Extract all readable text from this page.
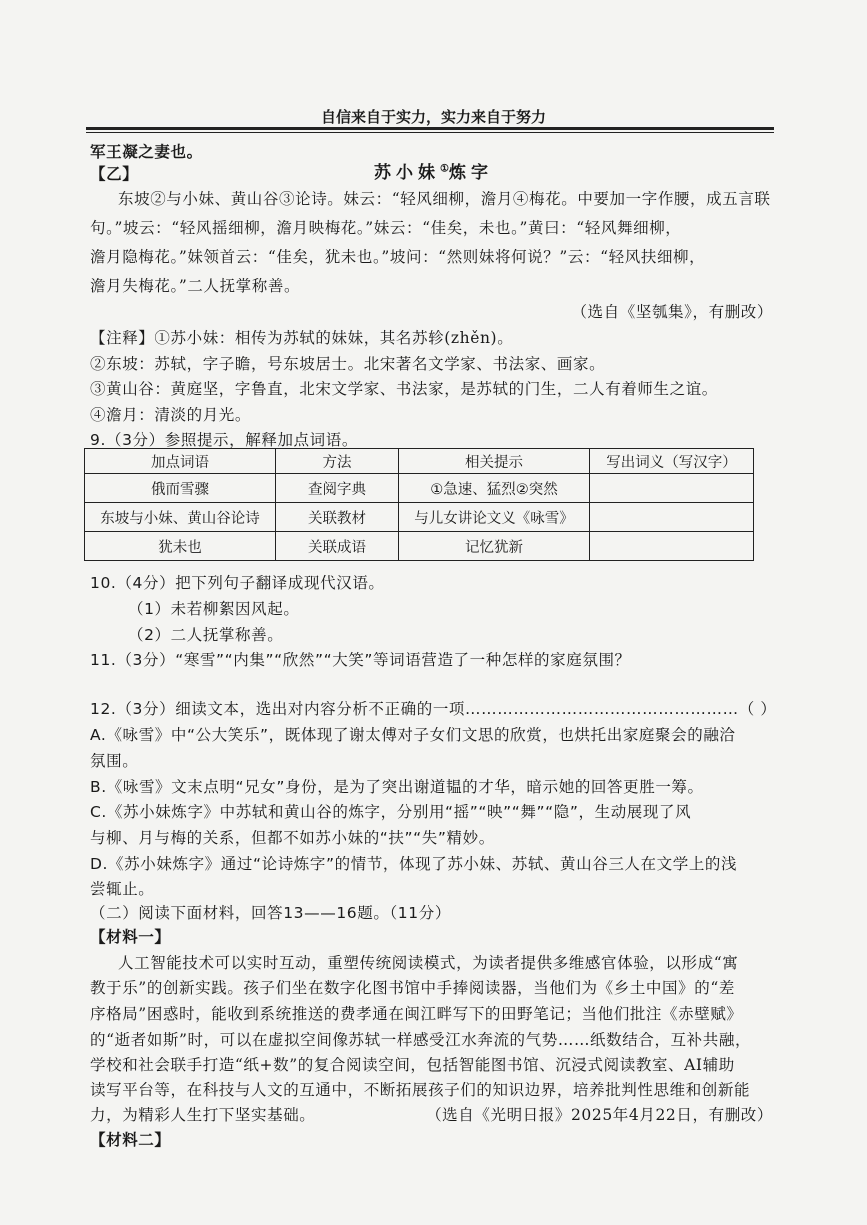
自信来自于实力，实力来自于努力
军王凝之妻也。
【乙】	苏小妹①炼字
东坡②与小妹、黄山谷③论诗。妹云：“轻风细柳，澹月④梅花。中要加一字作腰，成五言联
句。”坡云：“轻风摇细柳，澹月映梅花。”妹云：“佳矣，未也。”黄曰：“轻风舞细柳，
澹月隐梅花。”妹领首云：“佳矣，犹未也。”坡问：“然则妹将何说？”云：“轻风扶细柳，
澹月失梅花。”二人抚掌称善。
（选自《坚瓠集》，有删改）
【注释】①苏小妹：相传为苏轼的妹妹，其名苏轸(zhěn)。
②东坡：苏轼，字子瞻，号东坡居士。北宋著名文学家、书法家、画家。
③黄山谷：黄庭坚，字鲁直，北宋文学家、书法家，是苏轼的门生，二人有着师生之谊。
④澹月：清淡的月光。
9.（3分）参照提示，解释加点词语。
加点词语	方法	相关提示	写出词义（写汉字）
俄而雪骤	查阅字典	①急速、猛烈②突然	
东坡与小妹、黄山谷论诗	关联教材	与儿女讲论文义《咏雪》	
犹未也	关联成语	记忆犹新	
10.（4分）把下列句子翻译成现代汉语。
（1）未若柳絮因风起。
（2）二人抚掌称善。
11.（3分）“寒雪”“内集”“欣然”“大笑”等词语营造了一种怎样的家庭氛围？
12.（3分）细读文本，选出对内容分析不正确的一项……………………………………………（ ）
A.《咏雪》中“公大笑乐”，既体现了谢太傅对子女们文思的欣赏，也烘托出家庭聚会的融洽
氛围。
B.《咏雪》文末点明“兄女”身份，是为了突出谢道韫的才华，暗示她的回答更胜一筹。
C.《苏小妹炼字》中苏轼和黄山谷的炼字，分别用“摇”“映”“舞”“隐”，生动展现了风
与柳、月与梅的关系，但都不如苏小妹的“扶”“失”精妙。
D.《苏小妹炼字》通过“论诗炼字”的情节，体现了苏小妹、苏轼、黄山谷三人在文学上的浅
尝辄止。
（二）阅读下面材料，回答13——16题。（11分）
【材料一】
人工智能技术可以实时互动，重塑传统阅读模式，为读者提供多维感官体验，以形成“寓
教于乐”的创新实践。孩子们坐在数字化图书馆中手捧阅读器，当他们为《乡土中国》的“差
序格局”困惑时，能收到系统推送的费孝通在闽江畔写下的田野笔记；当他们批注《赤壁赋》
的“逝者如斯”时，可以在虚拟空间像苏轼一样感受江水奔流的气势……纸数结合，互补共融，
学校和社会联手打造“纸+数”的复合阅读空间，包括智能图书馆、沉浸式阅读教室、AI辅助
读写平台等，在科技与人文的互通中，不断拓展孩子们的知识边界，培养批判性思维和创新能
力，为精彩人生打下坚实基础。	（选自《光明日报》2025年4月22日，有删改）
【材料二】
